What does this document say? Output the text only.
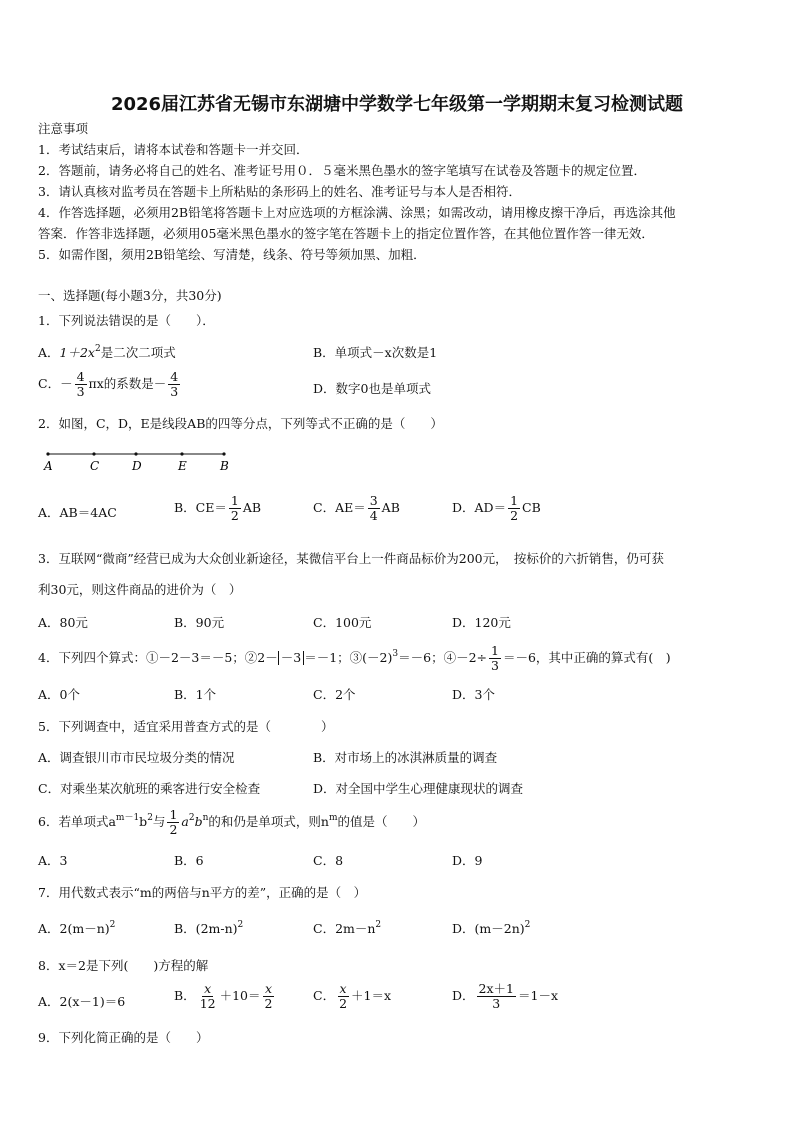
2026届江苏省无锡市东湖塘中学数学七年级第一学期期末复习检测试题
注意事项
1．考试结束后，请将本试卷和答题卡一并交回．
2．答题前，请务必将自己的姓名、准考证号用０．５毫米黑色墨水的签字笔填写在试卷及答题卡的规定位置．
3．请认真核对监考员在答题卡上所粘贴的条形码上的姓名、准考证号与本人是否相符．
4．作答选择题，必须用2B铅笔将答题卡上对应选项的方框涂满、涂黑；如需改动，请用橡皮擦干净后，再选涂其他
答案．作答非选择题，必须用05毫米黑色墨水的签字笔在答题卡上的指定位置作答，在其他位置作答一律无效．
5．如需作图，须用2B铅笔绘、写清楚，线条、符号等须加黑、加粗．
一、选择题(每小题3分，共30分)
1．下列说法错误的是（　　）．
A．$1+2x^2$是二次二项式	B．单项式－x次数是1
C．－ $\frac{4}{3}$ πx的系数是－ $\frac{4}{3}$	D．数字0也是单项式
2．如图，C，D，E是线段AB的四等分点，下列等式不正确的是（　　）
A	C	D	E	B
A．AB＝4AC	B．$CE= \frac{1}{2}$ AB	C．$AE= \frac{3}{4}$ AB	D．$AD= \frac{1}{2}$ CB
3．互联网“微商”经营已成为大众创业新途径，某微信平台上一件商品标价为200元，　按标价的六折销售，仍可获
利30元，则这件商品的进价为（　）
A．80元	B．90元	C．100元	D．120元
4．下列四个算式：①－2－3＝－5；②2－ －3 ＝－1；$③(-2)^3=-6$；④－2÷ $\frac{1}{3} =-6$，其中正确的算式有(　)
A．0个	B．1个	C．2个	D．3个
5．下列调查中，适宜采用普查方式的是（　　　　）
A．调查银川市市民垃圾分类的情况	B．对市场上的冰淇淋质量的调查
C．对乘坐某次航班的乘客进行安全检查	D．对全国中学生心理健康现状的调查
6．若单项式$a^{m-1}b^2$与 $\frac{1}{2} a^2b^n$的和仍是单项式，则$n^m$的值是（　　）
A．3	B．6	C．8	D．9
7．用代数式表示“m的两倍与n平方的差”，正确的是（　）
A．$2(m-n)^2$	B．$(2m-n)^2$	C．$2m-n^2$	D．$(m-2n)^2$
8．x＝2是下列(　　)方程的解
A．2(x－1)＝6	B． $\frac{x}{12} +10= \frac{x}{2}$	C． $\frac{x}{2} +1=x$	D． $\frac{2x+1}{3} =1-x$
9．下列化简正确的是（　　）
